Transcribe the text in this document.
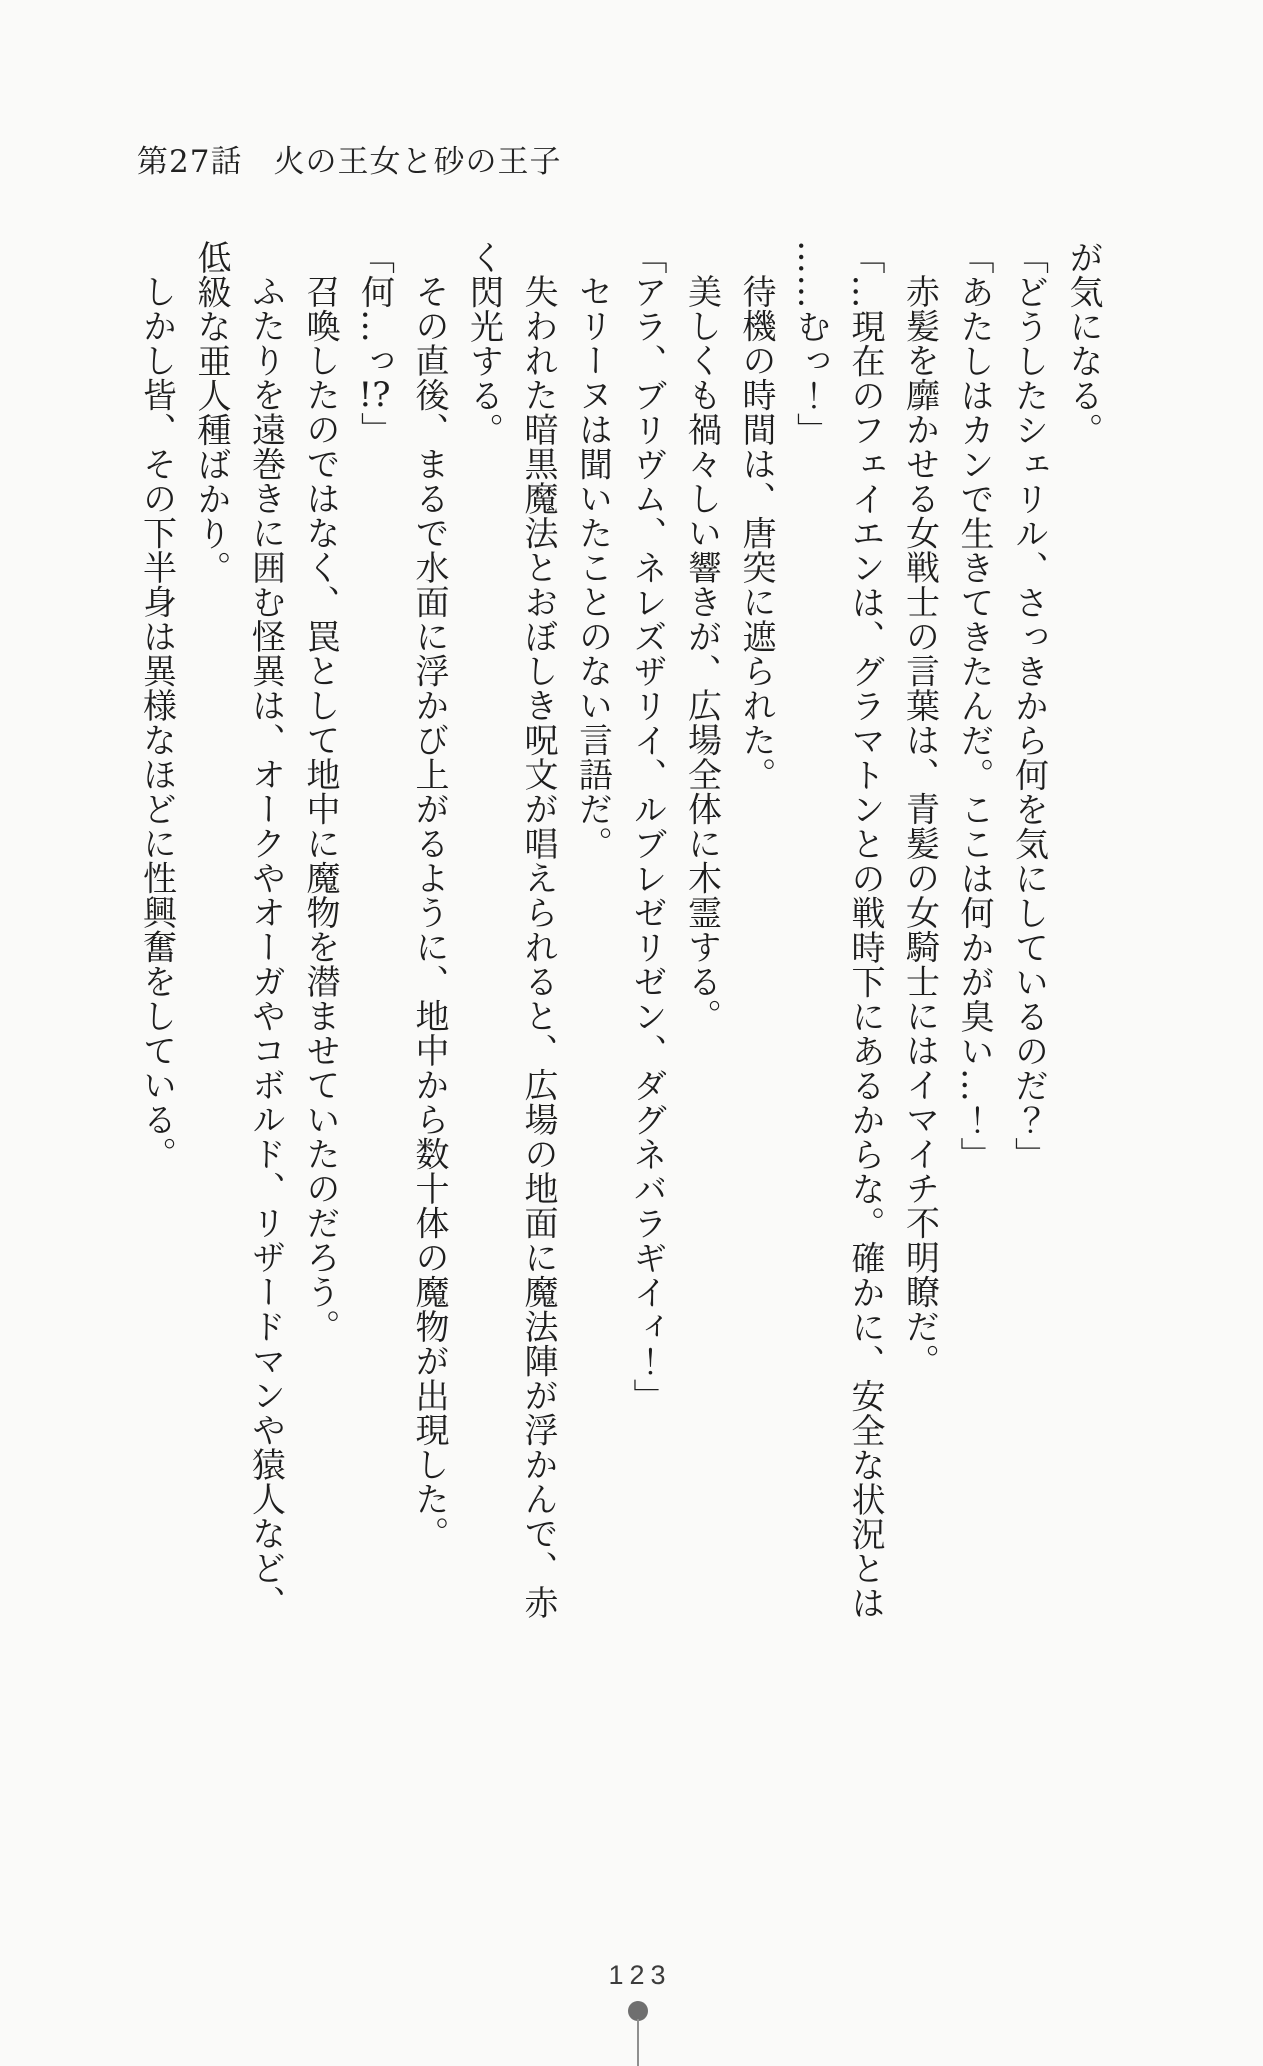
第27話 火の王女と砂の王子
が気になる。
「どうしたシェリル、さっきから何を気にしているのだ？」
「あたしはカンで生きてきたんだ。ここは何かが臭い…！」
赤髪を靡かせる女戦士の言葉は、青髪の女騎士にはイマイチ不明瞭だ。
「…現在のフェイエンは、グラマトンとの戦時下にあるからな。確かに、安全な状況とは
……むっ！」
待機の時間は、唐突に遮られた。
美しくも禍々しい響きが、広場全体に木霊する。
「アラ、ブリヴム、ネレズザリイ、ルブレゼリゼン、ダグネバラギイィ！」
セリーヌは聞いたことのない言語だ。
失われた暗黒魔法とおぼしき呪文が唱えられると、広場の地面に魔法陣が浮かんで、赤
く閃光する。
その直後、まるで水面に浮かび上がるように、地中から数十体の魔物が出現した。
「何…っ!?」
召喚したのではなく、罠として地中に魔物を潜ませていたのだろう。
ふたりを遠巻きに囲む怪異は、オークやオーガやコボルド、リザードマンや猿人など、
低級な亜人種ばかり。
しかし皆、その下半身は異様なほどに性興奮をしている。
123
